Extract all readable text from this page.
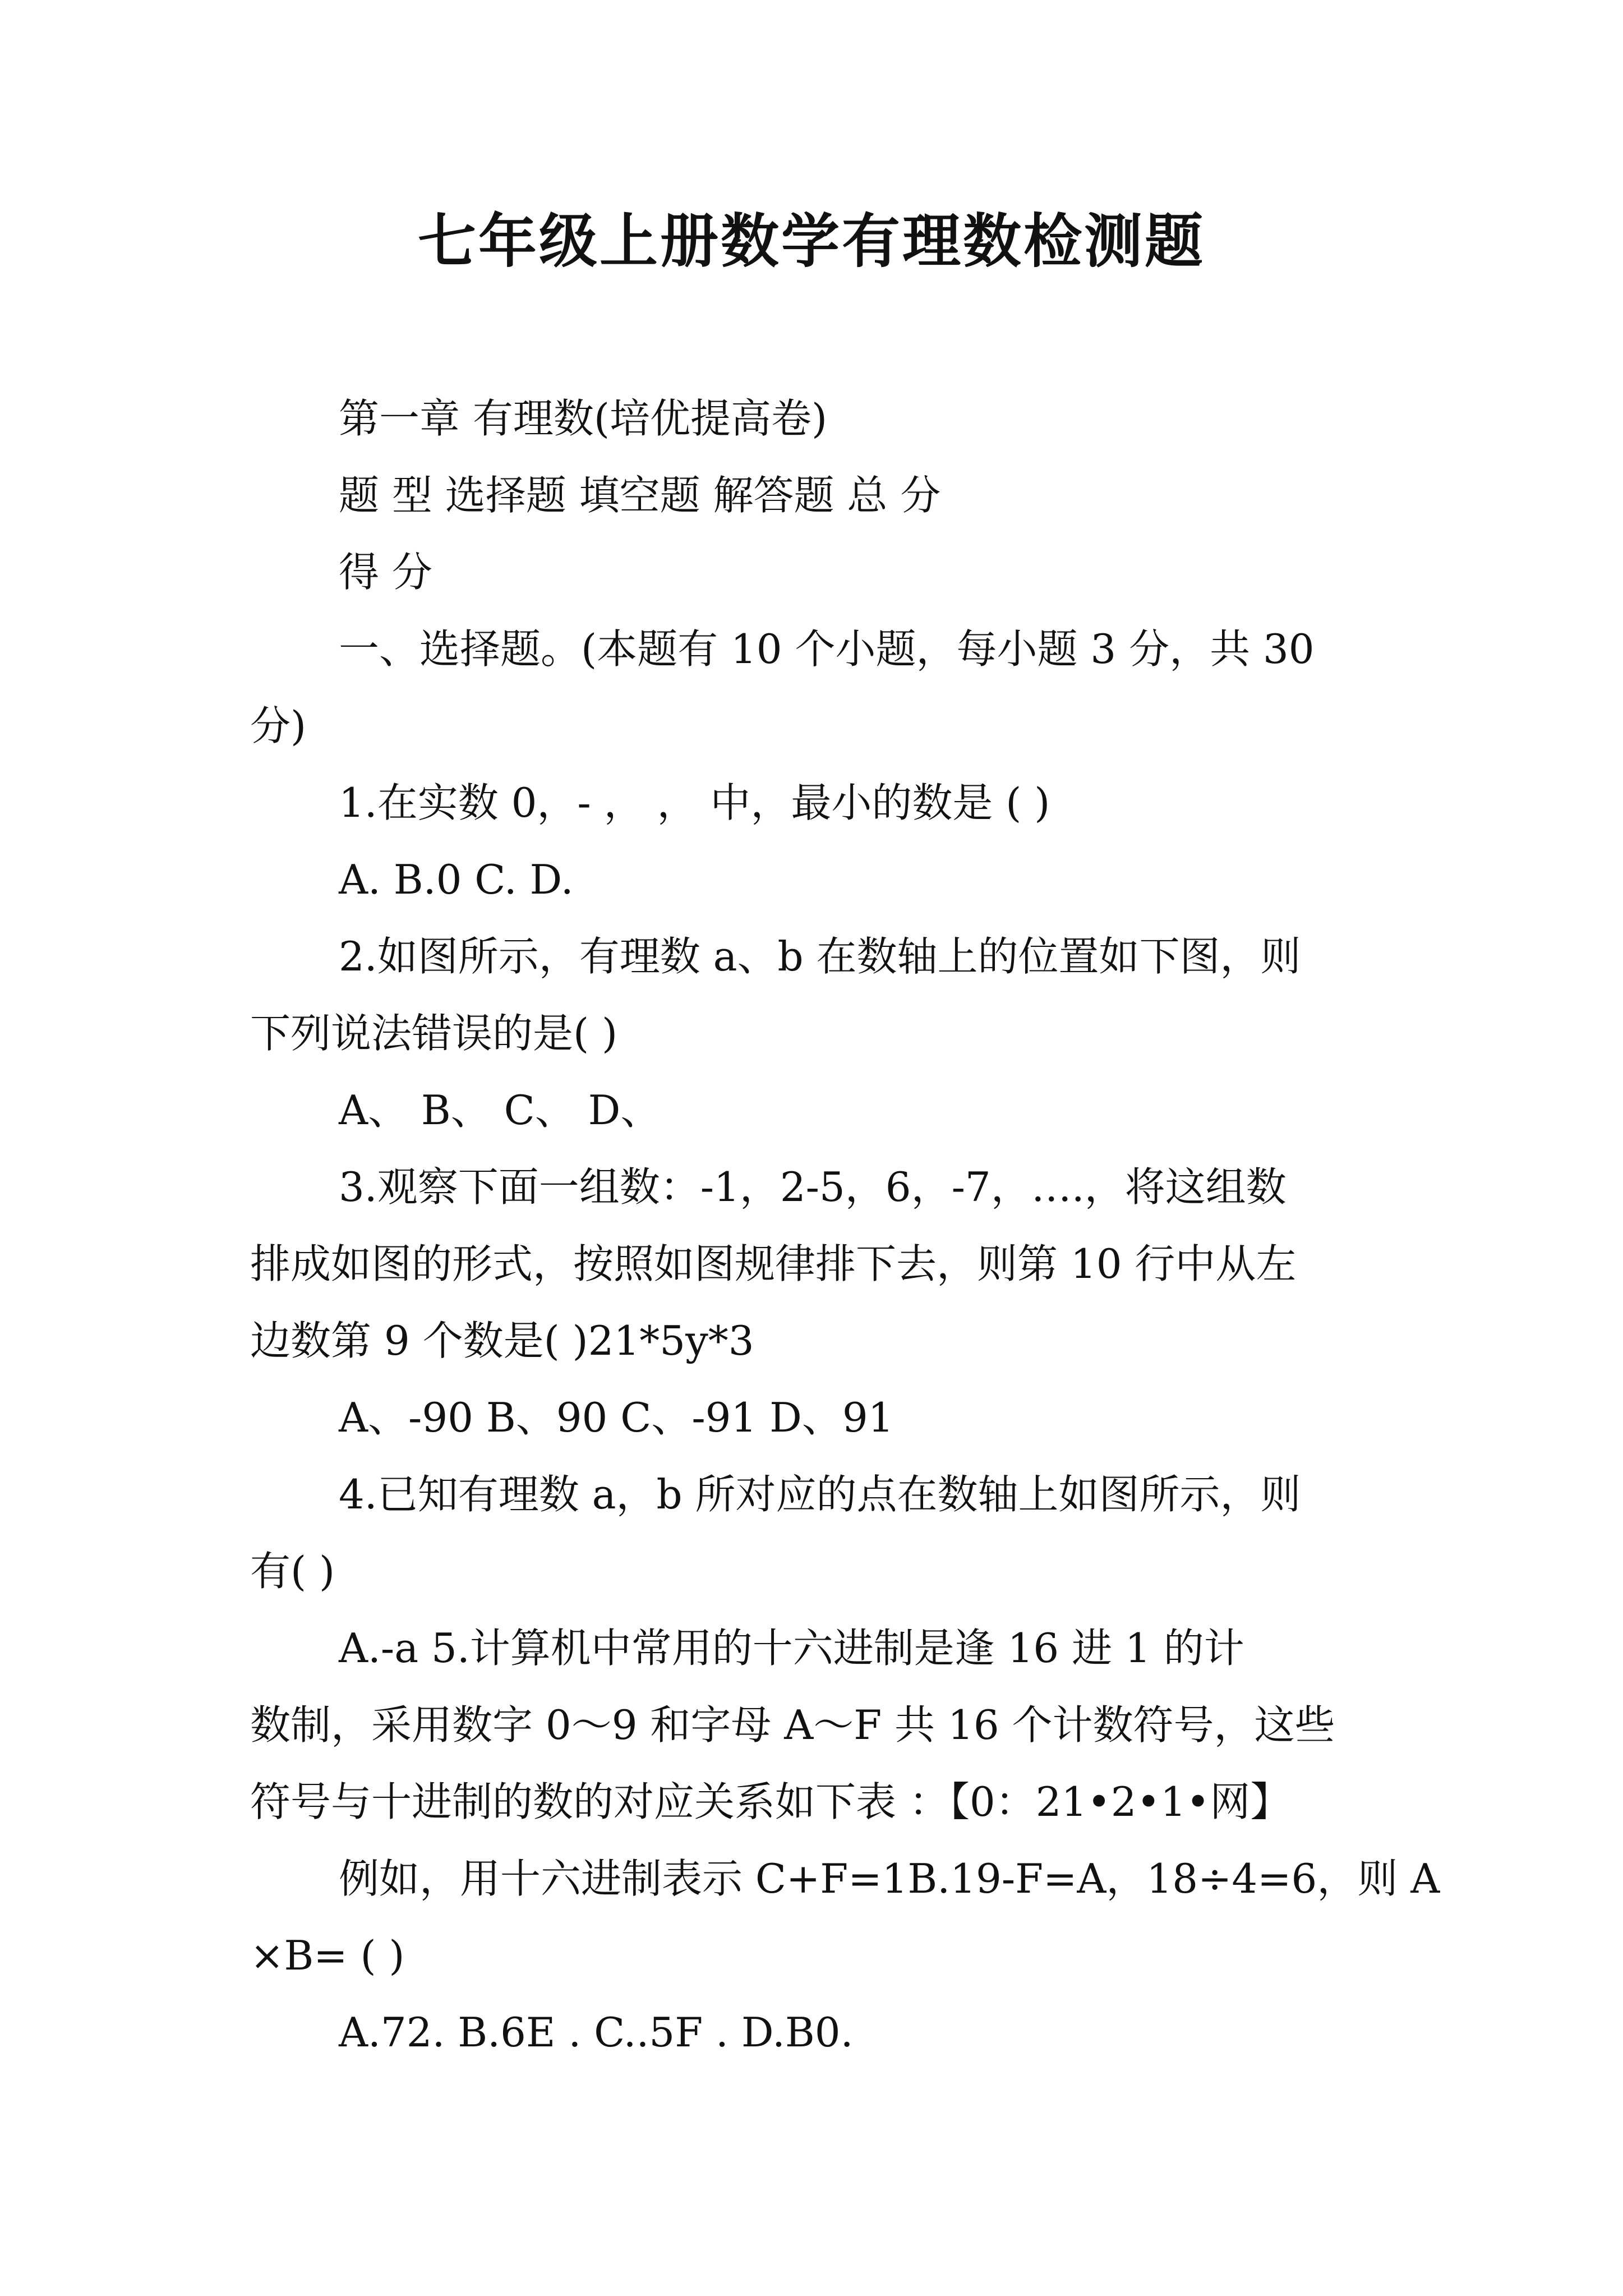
七年级上册数学有理数检测题
第一章 有理数(培优提高卷)
题 型 选择题 填空题 解答题 总 分
得 分
一、选择题。(本题有 10 个小题，每小题 3 分，共 30
分)
1.在实数 0，- ， ， 中，最小的数是 ( )
A. B.0 C. D.
2.如图所示，有理数 a、b 在数轴上的位置如下图，则
下列说法错误的是( )
A、 B、 C、 D、
3.观察下面一组数：-1，2-5，6，-7，….，将这组数
排成如图的形式，按照如图规律排下去，则第 10 行中从左
边数第 9 个数是( )21*5y*3
A、-90 B、90 C、-91 D、91
4.已知有理数 a，b 所对应的点在数轴上如图所示，则
有( )
A.-a 5.计算机中常用的十六进制是逢 16 进 1 的计
数制，采用数字 0～9 和字母 A～F 共 16 个计数符号，这些
符号与十进制的数的对应关系如下表 ：【0：21•2•1•网】
例如，用十六进制表示 C+F=1B.19-F=A，18÷4=6，则 A
×B= ( )
A.72. B.6E . C..5F . D.B0.
